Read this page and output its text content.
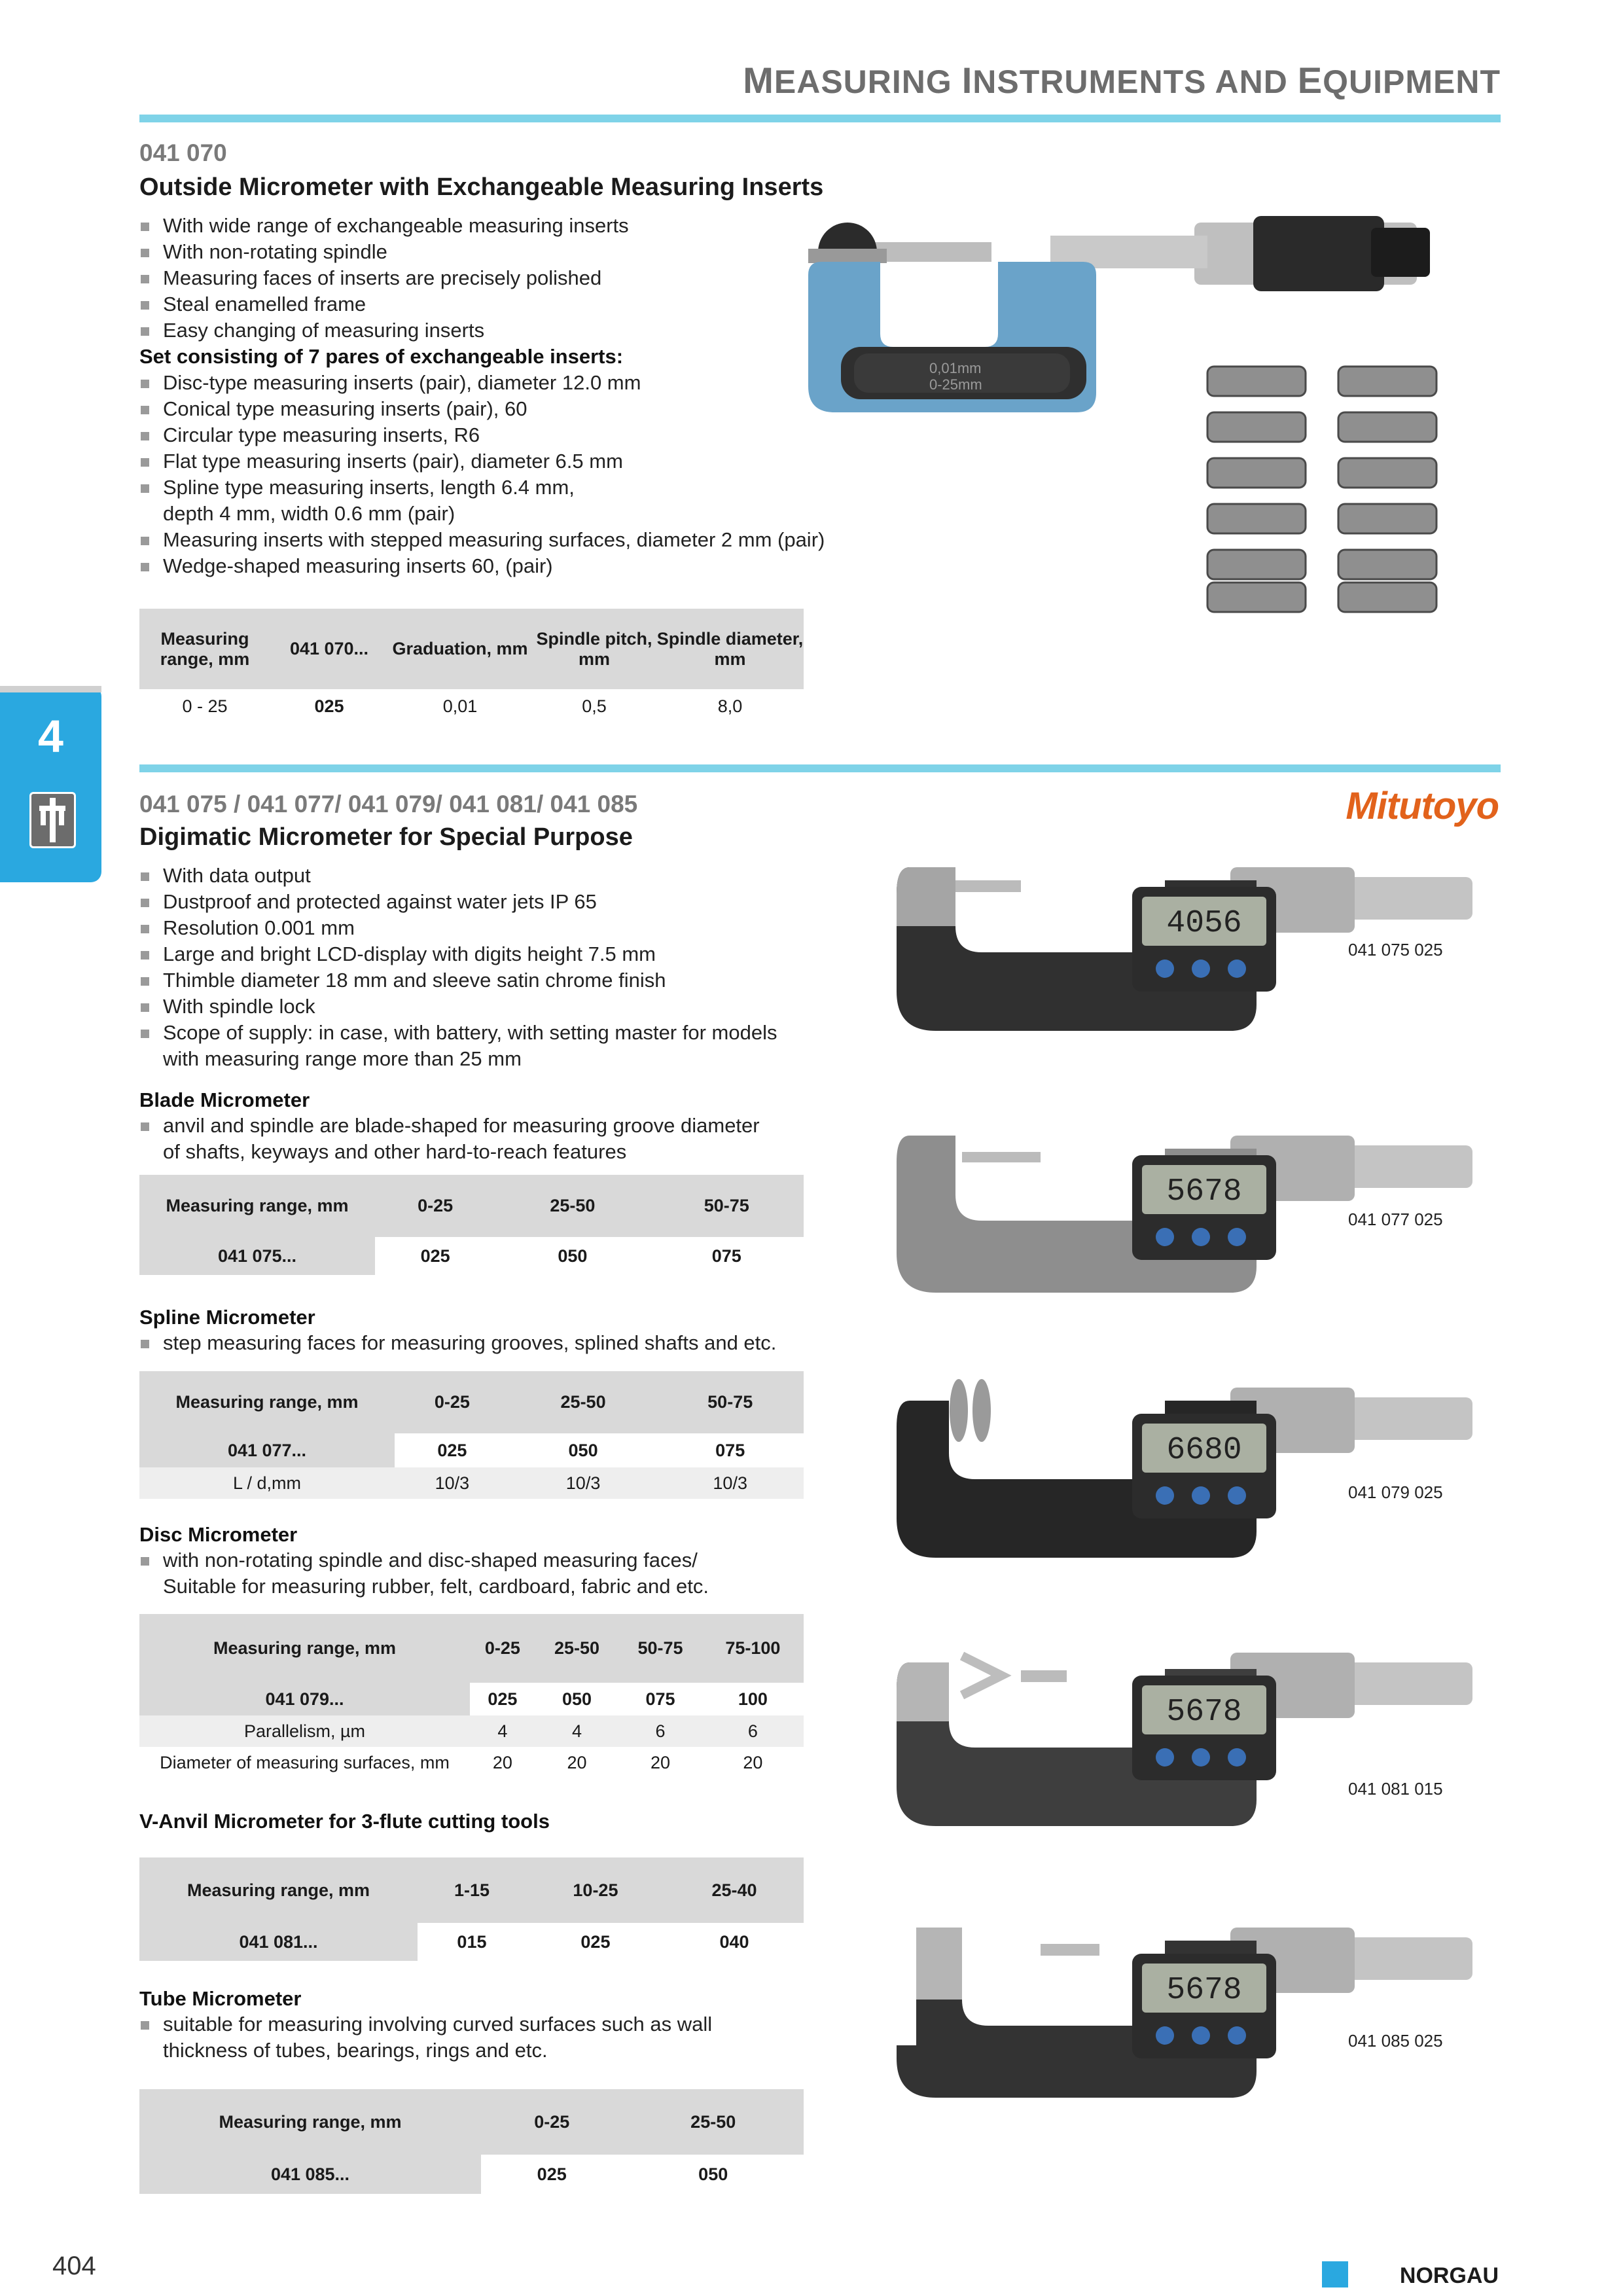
MEASURING INSTRUMENTS AND EQUIPMENT
4
041 070
Outside Micrometer with Exchangeable Measuring Inserts
With wide range of exchangeable measuring inserts
With non-rotating spindle
Measuring faces of inserts are precisely polished
Steal enamelled frame
Easy changing of measuring inserts
Set consisting of 7 pares of exchangeable inserts:
Disc-type measuring inserts (pair), diameter 12.0 mm
Conical type measuring inserts (pair), 60
Circular type measuring inserts, R6
Flat type measuring inserts (pair), diameter 6.5 mm
Spline type measuring inserts, length 6.4 mm,
depth 4 mm, width 0.6 mm (pair)
Measuring inserts with stepped measuring surfaces, diameter 2 mm (pair)
Wedge-shaped measuring inserts 60, (pair)
0,01mm
0-25mm
Measuring range, mm	041 070...	Graduation, mm	Spindle pitch, mm	Spindle diameter, mm
0 - 25	025	0,01	0,5	8,0
041 075 / 041 077/ 041 079/ 041 081/ 041 085	Mitutoyo
Digimatic Micrometer for Special Purpose
With data output
Dustproof and protected against water jets IP 65
Resolution 0.001 mm
Large and bright LCD-display with digits height 7.5 mm
Thimble diameter 18 mm and sleeve satin chrome finish
With spindle lock
Scope of supply: in case, with battery, with setting master for models
with measuring range more than 25 mm
Blade Micrometer
anvil and spindle are blade-shaped for measuring groove diameter
of shafts, keyways and other hard-to-reach features
Measuring range, mm	0-25	25-50	50-75
041 075...	025	050	075
Spline Micrometer
step measuring faces for measuring grooves, splined shafts and etc.
Measuring range, mm	0-25	25-50	50-75
041 077...	025	050	075
L / d,mm	10/3	10/3	10/3
Disc Micrometer
with non-rotating spindle and disc-shaped measuring faces/
Suitable for measuring rubber, felt, cardboard, fabric and etc.
Measuring range, mm	0-25	25-50	50-75	75-100
041 079...	025	050	075	100
Parallelism, µm	4	4	6	6
Diameter of measuring surfaces, mm	20	20	20	20
V-Anvil Micrometer for 3-flute cutting tools
Measuring range, mm	1-15	10-25	25-40
041 081...	015	025	040
Tube Micrometer
suitable for measuring involving curved surfaces such as wall
thickness of tubes, bearings, rings and etc.
Measuring range, mm	0-25	25-50
041 085...	025	050
4056
041 075 025
5678
041 077 025
6680
041 079 025
5678
041 081 015
5678
041 085 025
404	NORGAU
